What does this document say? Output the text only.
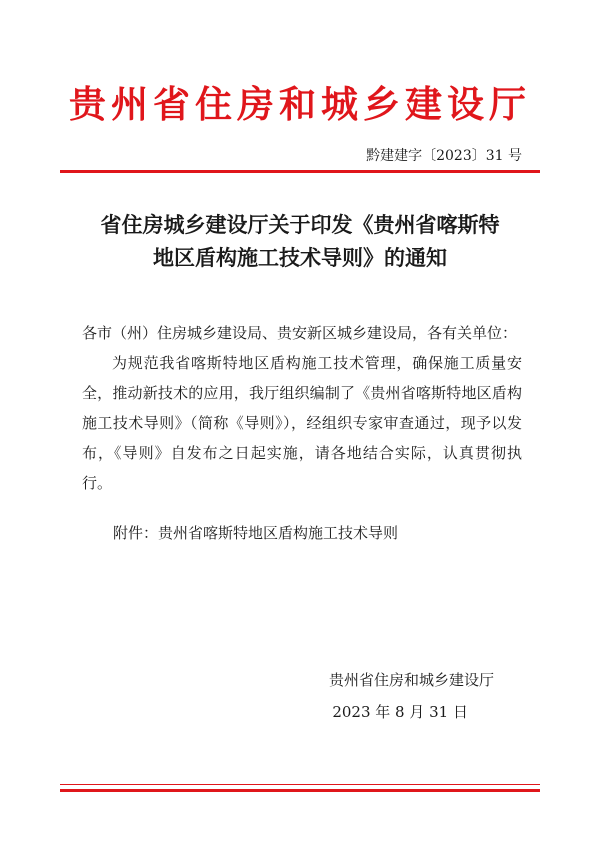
贵州省住房和城乡建设厅
黔建建字〔2023〕31 号
省住房城乡建设厅关于印发《贵州省喀斯特
地区盾构施工技术导则》的通知
各市（州）住房城乡建设局、贵安新区城乡建设局，各有关单位：
为规范我省喀斯特地区盾构施工技术管理，确保施工质量安全，推动新技术的应用，我厅组织编制了《贵州省喀斯特地区盾构施工技术导则》（简称《导则》），经组织专家审查通过，现予以发布，《导则》自发布之日起实施，请各地结合实际，认真贯彻执行。
附件：贵州省喀斯特地区盾构施工技术导则
贵州省住房和城乡建设厅
2023 年 8 月 31 日
